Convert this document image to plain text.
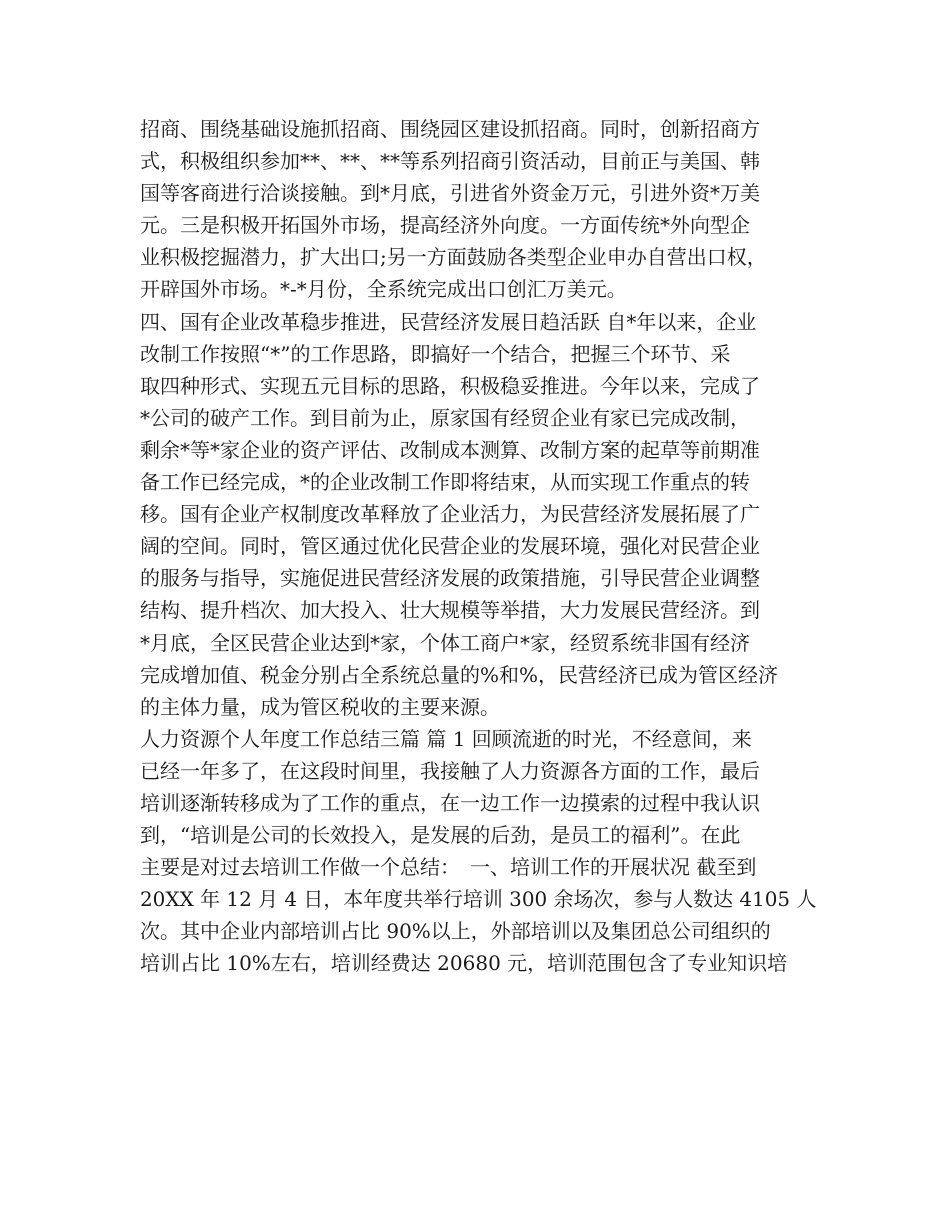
招商、围绕基础设施抓招商、围绕园区建设抓招商。同时，创新招商方
式，积极组织参加**、**、**等系列招商引资活动，目前正与美国、韩
国等客商进行洽谈接触。到*月底，引进省外资金万元，引进外资*万美
元。三是积极开拓国外市场，提高经济外向度。一方面传统*外向型企
业积极挖掘潜力，扩大出口;另一方面鼓励各类型企业申办自营出口权，
开辟国外市场。*-*月份，全系统完成出口创汇万美元。
四、国有企业改革稳步推进，民营经济发展日趋活跃 自*年以来，企业
改制工作按照“*”的工作思路，即搞好一个结合，把握三个环节、采
取四种形式、实现五元目标的思路，积极稳妥推进。今年以来，完成了
*公司的破产工作。到目前为止，原家国有经贸企业有家已完成改制，
剩余*等*家企业的资产评估、改制成本测算、改制方案的起草等前期准
备工作已经完成，*的企业改制工作即将结束，从而实现工作重点的转
移。国有企业产权制度改革释放了企业活力，为民营经济发展拓展了广
阔的空间。同时，管区通过优化民营企业的发展环境，强化对民营企业
的服务与指导，实施促进民营经济发展的政策措施，引导民营企业调整
结构、提升档次、加大投入、壮大规模等举措，大力发展民营经济。到
*月底，全区民营企业达到*家，个体工商户*家，经贸系统非国有经济
完成增加值、税金分别占全系统总量的%和%，民营经济已成为管区经济
的主体力量，成为管区税收的主要来源。
人力资源个人年度工作总结三篇 篇 1 回顾流逝的时光，不经意间，来
已经一年多了，在这段时间里，我接触了人力资源各方面的工作，最后
培训逐渐转移成为了工作的重点，在一边工作一边摸索的过程中我认识
到，“培训是公司的长效投入，是发展的后劲，是员工的福利”。在此
主要是对过去培训工作做一个总结：　一、培训工作的开展状况 截至到
20XX 年 12 月 4 日，本年度共举行培训 300 余场次，参与人数达 4105 人
次。其中企业内部培训占比 90%以上，外部培训以及集团总公司组织的
培训占比 10%左右，培训经费达 20680 元，培训范围包含了专业知识培
